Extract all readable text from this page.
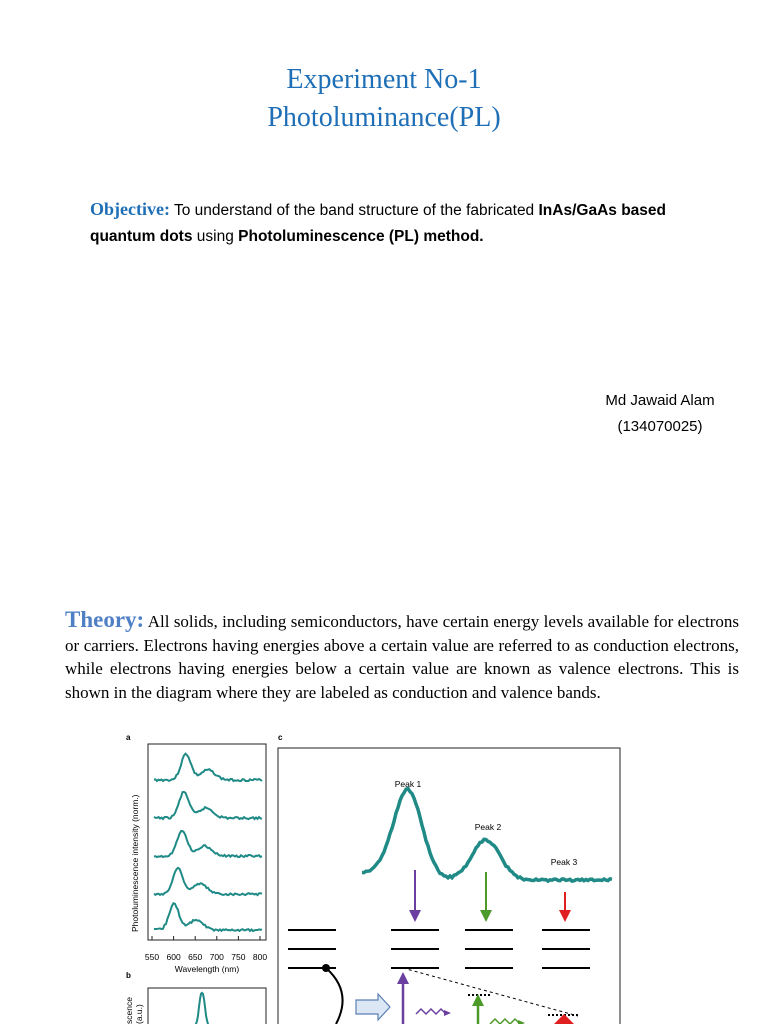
Experiment No-1
Photoluminance(PL)
Objective: To understand of the band structure of the fabricated InAs/GaAs based quantum dots using Photoluminescence (PL) method.
Md Jawaid Alam
(134070025)
Theory: All solids, including semiconductors, have certain energy levels available for electrons or carriers. Electrons having energies above a certain value are referred to as conduction electrons, while electrons having energies below a certain value are known as valence electrons. This is shown in the diagram where they are labeled as conduction and valence bands.
a
Photoluminescence intensity (norm.)
550 600 650 700 750 800
Wavelength (nm)
b
scence (a.u.)
c
Peak 1
Peak 2
Peak 3
